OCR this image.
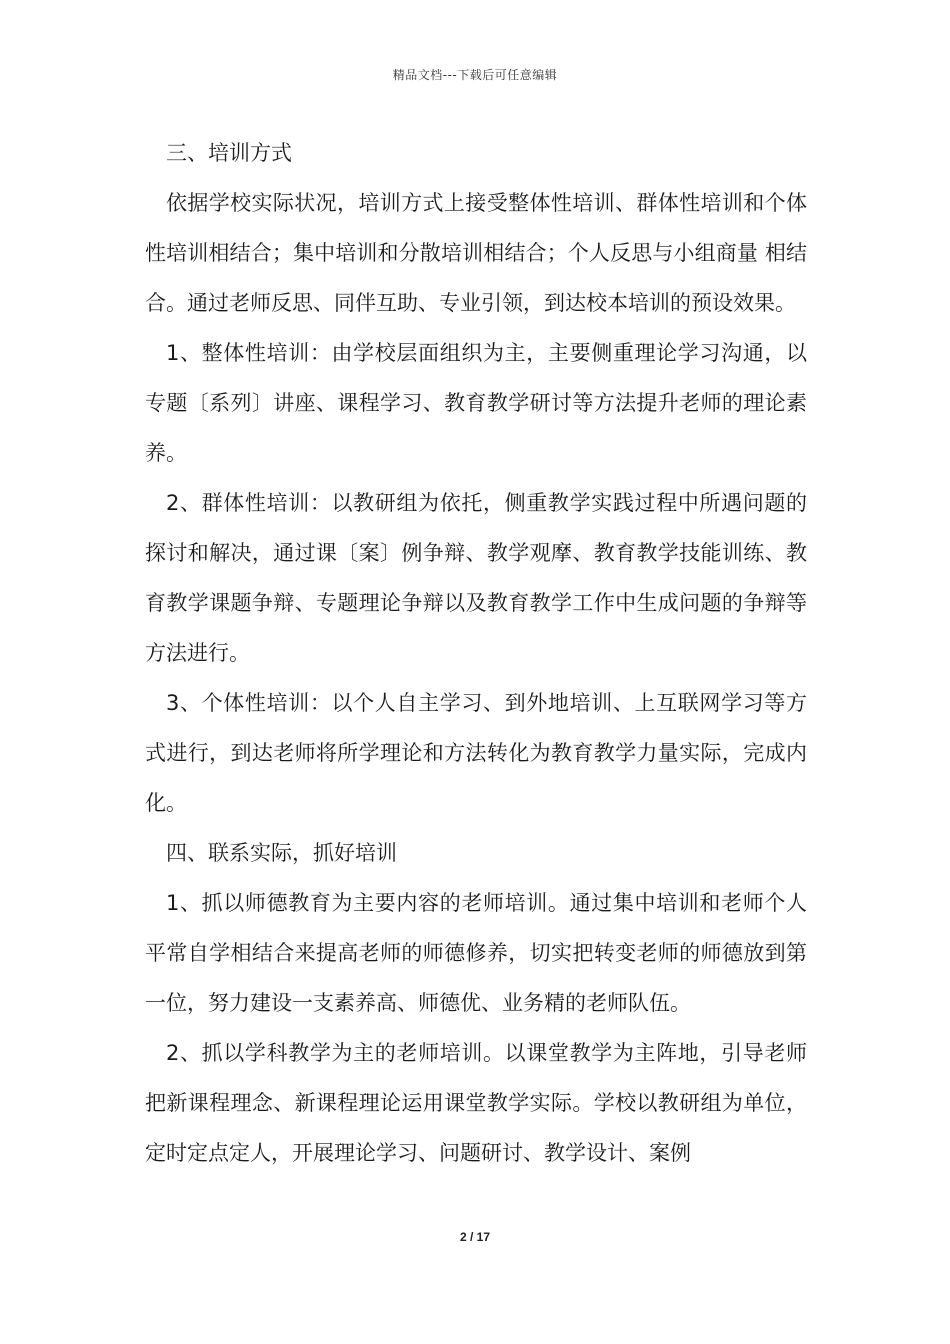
精品文档---下载后可任意编辑

三、培训方式

依据学校实际状况，培训方式上接受整体性培训、群体性培训和个体性培训相结合；集中培训和分散培训相结合；个人反思与小组商量 相结合。通过老师反思、同伴互助、专业引领，到达校本培训的预设效果。

1、整体性培训：由学校层面组织为主，主要侧重理论学习沟通，以专题〔系列〕讲座、课程学习、教育教学研讨等方法提升老师的理论素养。

2、群体性培训：以教研组为依托，侧重教学实践过程中所遇问题的探讨和解决，通过课〔案〕例争辩、教学观摩、教育教学技能训练、教育教学课题争辩、专题理论争辩以及教育教学工作中生成问题的争辩等方法进行。

3、个体性培训：以个人自主学习、到外地培训、上互联网学习等方式进行，到达老师将所学理论和方法转化为教育教学力量实际，完成内化。

四、联系实际，抓好培训

1、抓以师德教育为主要内容的老师培训。通过集中培训和老师个人平常自学相结合来提高老师的师德修养，切实把转变老师的师德放到第一位，努力建设一支素养高、师德优、业务精的老师队伍。

2、抓以学科教学为主的老师培训。以课堂教学为主阵地，引导老师把新课程理念、新课程理论运用课堂教学实际。学校以教研组为单位，定时定点定人，开展理论学习、问题研讨、教学设计、案例

2 / 17
